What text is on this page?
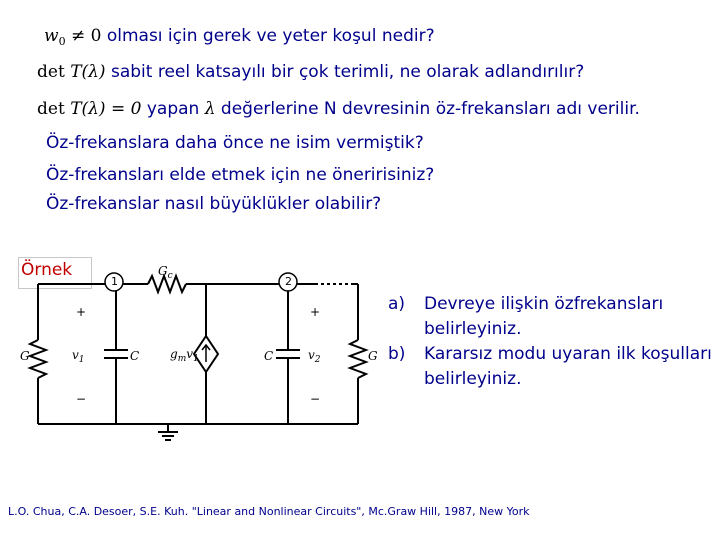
$w_0 \ne 0$ olması için gerek ve yeter koşul nedir?
det T(λ) sabit reel katsayılı bir çok terimli, ne olarak adlandırılır?
det T(λ) = 0 yapan λ değerlerine N devresinin öz-frekansları adı verilir.
Öz-frekanslara daha önce ne isim vermiştik?
Öz-frekansları elde etmek için ne öneririsiniz?
Öz-frekanslar nasıl büyüklükler olabilir?
Örnek
1	2
$G_c$
G
+
$v_1$
−
C	$g_mv_1$	C
+
$v_2$
−
G
a)	Devreye ilişkin özfrekansları belirleyiniz.
b)	Kararsız modu uyaran ilk koşulları belirleyiniz.
L.O. Chua, C.A. Desoer, S.E. Kuh. "Linear and Nonlinear Circuits", Mc.Graw Hill, 1987, New York
